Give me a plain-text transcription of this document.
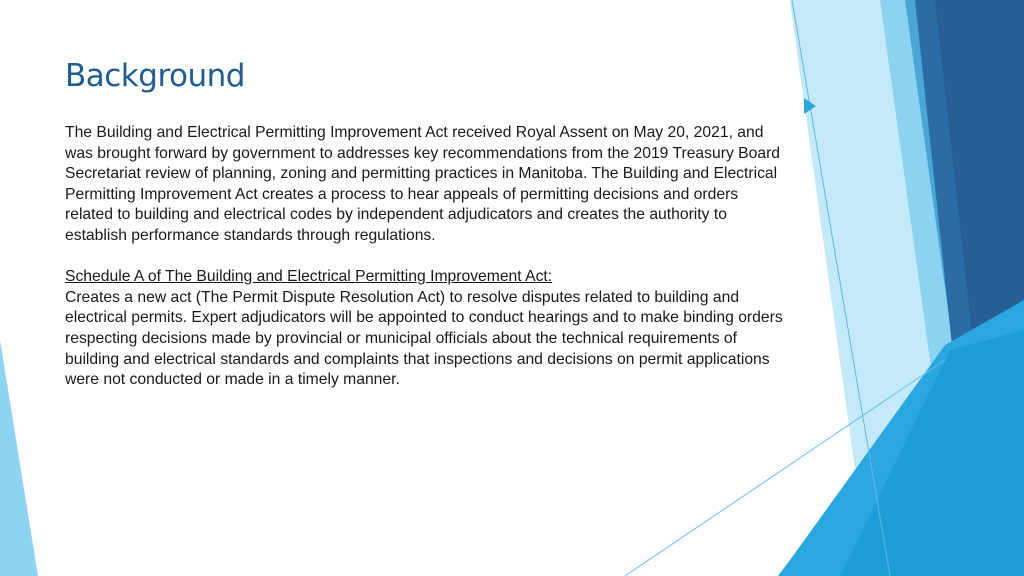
Background

The Building and Electrical Permitting Improvement Act received Royal Assent on May 20, 2021, and was brought forward by government to addresses key recommendations from the 2019 Treasury Board Secretariat review of planning, zoning and permitting practices in Manitoba. The Building and Electrical Permitting Improvement Act creates a process to hear appeals of permitting decisions and orders related to building and electrical codes by independent adjudicators and creates the authority to establish performance standards through regulations.

Schedule A of The Building and Electrical Permitting Improvement Act:
Creates a new act (The Permit Dispute Resolution Act) to resolve disputes related to building and electrical permits. Expert adjudicators will be appointed to conduct hearings and to make binding orders respecting decisions made by provincial or municipal officials about the technical requirements of building and electrical standards and complaints that inspections and decisions on permit applications were not conducted or made in a timely manner.
